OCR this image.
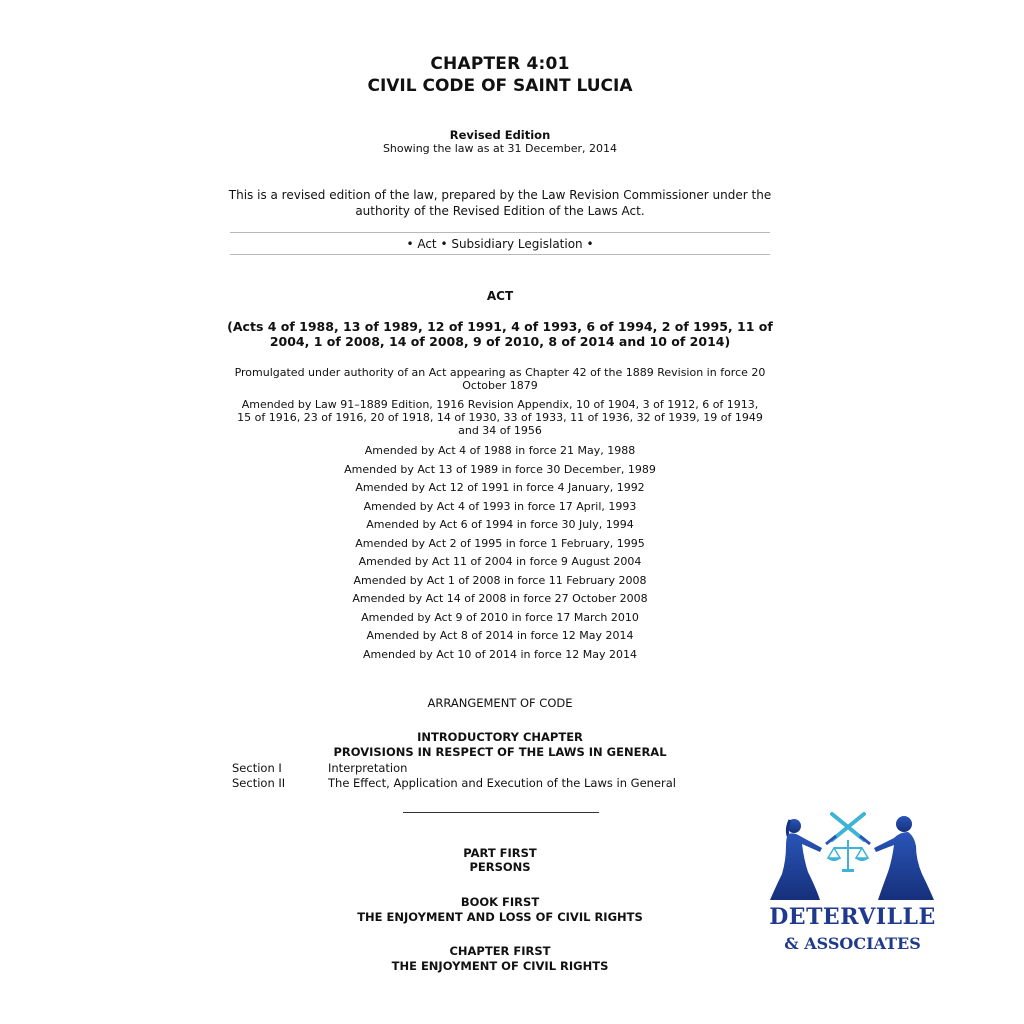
CHAPTER 4:01
CIVIL CODE OF SAINT LUCIA
Revised Edition
Showing the law as at 31 December, 2014
This is a revised edition of the law, prepared by the Law Revision Commissioner under the authority of the Revised Edition of the Laws Act.
• Act • Subsidiary Legislation •
ACT
(Acts 4 of 1988, 13 of 1989, 12 of 1991, 4 of 1993, 6 of 1994, 2 of 1995, 11 of 2004, 1 of 2008, 14 of 2008, 9 of 2010, 8 of 2014 and 10 of 2014)
Promulgated under authority of an Act appearing as Chapter 42 of the 1889 Revision in force 20 October 1879
Amended by Law 91–1889 Edition, 1916 Revision Appendix, 10 of 1904, 3 of 1912, 6 of 1913, 15 of 1916, 23 of 1916, 20 of 1918, 14 of 1930, 33 of 1933, 11 of 1936, 32 of 1939, 19 of 1949 and 34 of 1956
Amended by Act 4 of 1988 in force 21 May, 1988
Amended by Act 13 of 1989 in force 30 December, 1989
Amended by Act 12 of 1991 in force 4 January, 1992
Amended by Act 4 of 1993 in force 17 April, 1993
Amended by Act 6 of 1994 in force 30 July, 1994
Amended by Act 2 of 1995 in force 1 February, 1995
Amended by Act 11 of 2004 in force 9 August 2004
Amended by Act 1 of 2008 in force 11 February 2008
Amended by Act 14 of 2008 in force 27 October 2008
Amended by Act 9 of 2010 in force 17 March 2010
Amended by Act 8 of 2014 in force 12 May 2014
Amended by Act 10 of 2014 in force 12 May 2014
ARRANGEMENT OF CODE
INTRODUCTORY CHAPTER
PROVISIONS IN RESPECT OF THE LAWS IN GENERAL
Section I	Interpretation
Section II	The Effect, Application and Execution of the Laws in General
PART FIRST
PERSONS
BOOK FIRST
THE ENJOYMENT AND LOSS OF CIVIL RIGHTS
CHAPTER FIRST
THE ENJOYMENT OF CIVIL RIGHTS
DETERVILLE
& ASSOCIATES
